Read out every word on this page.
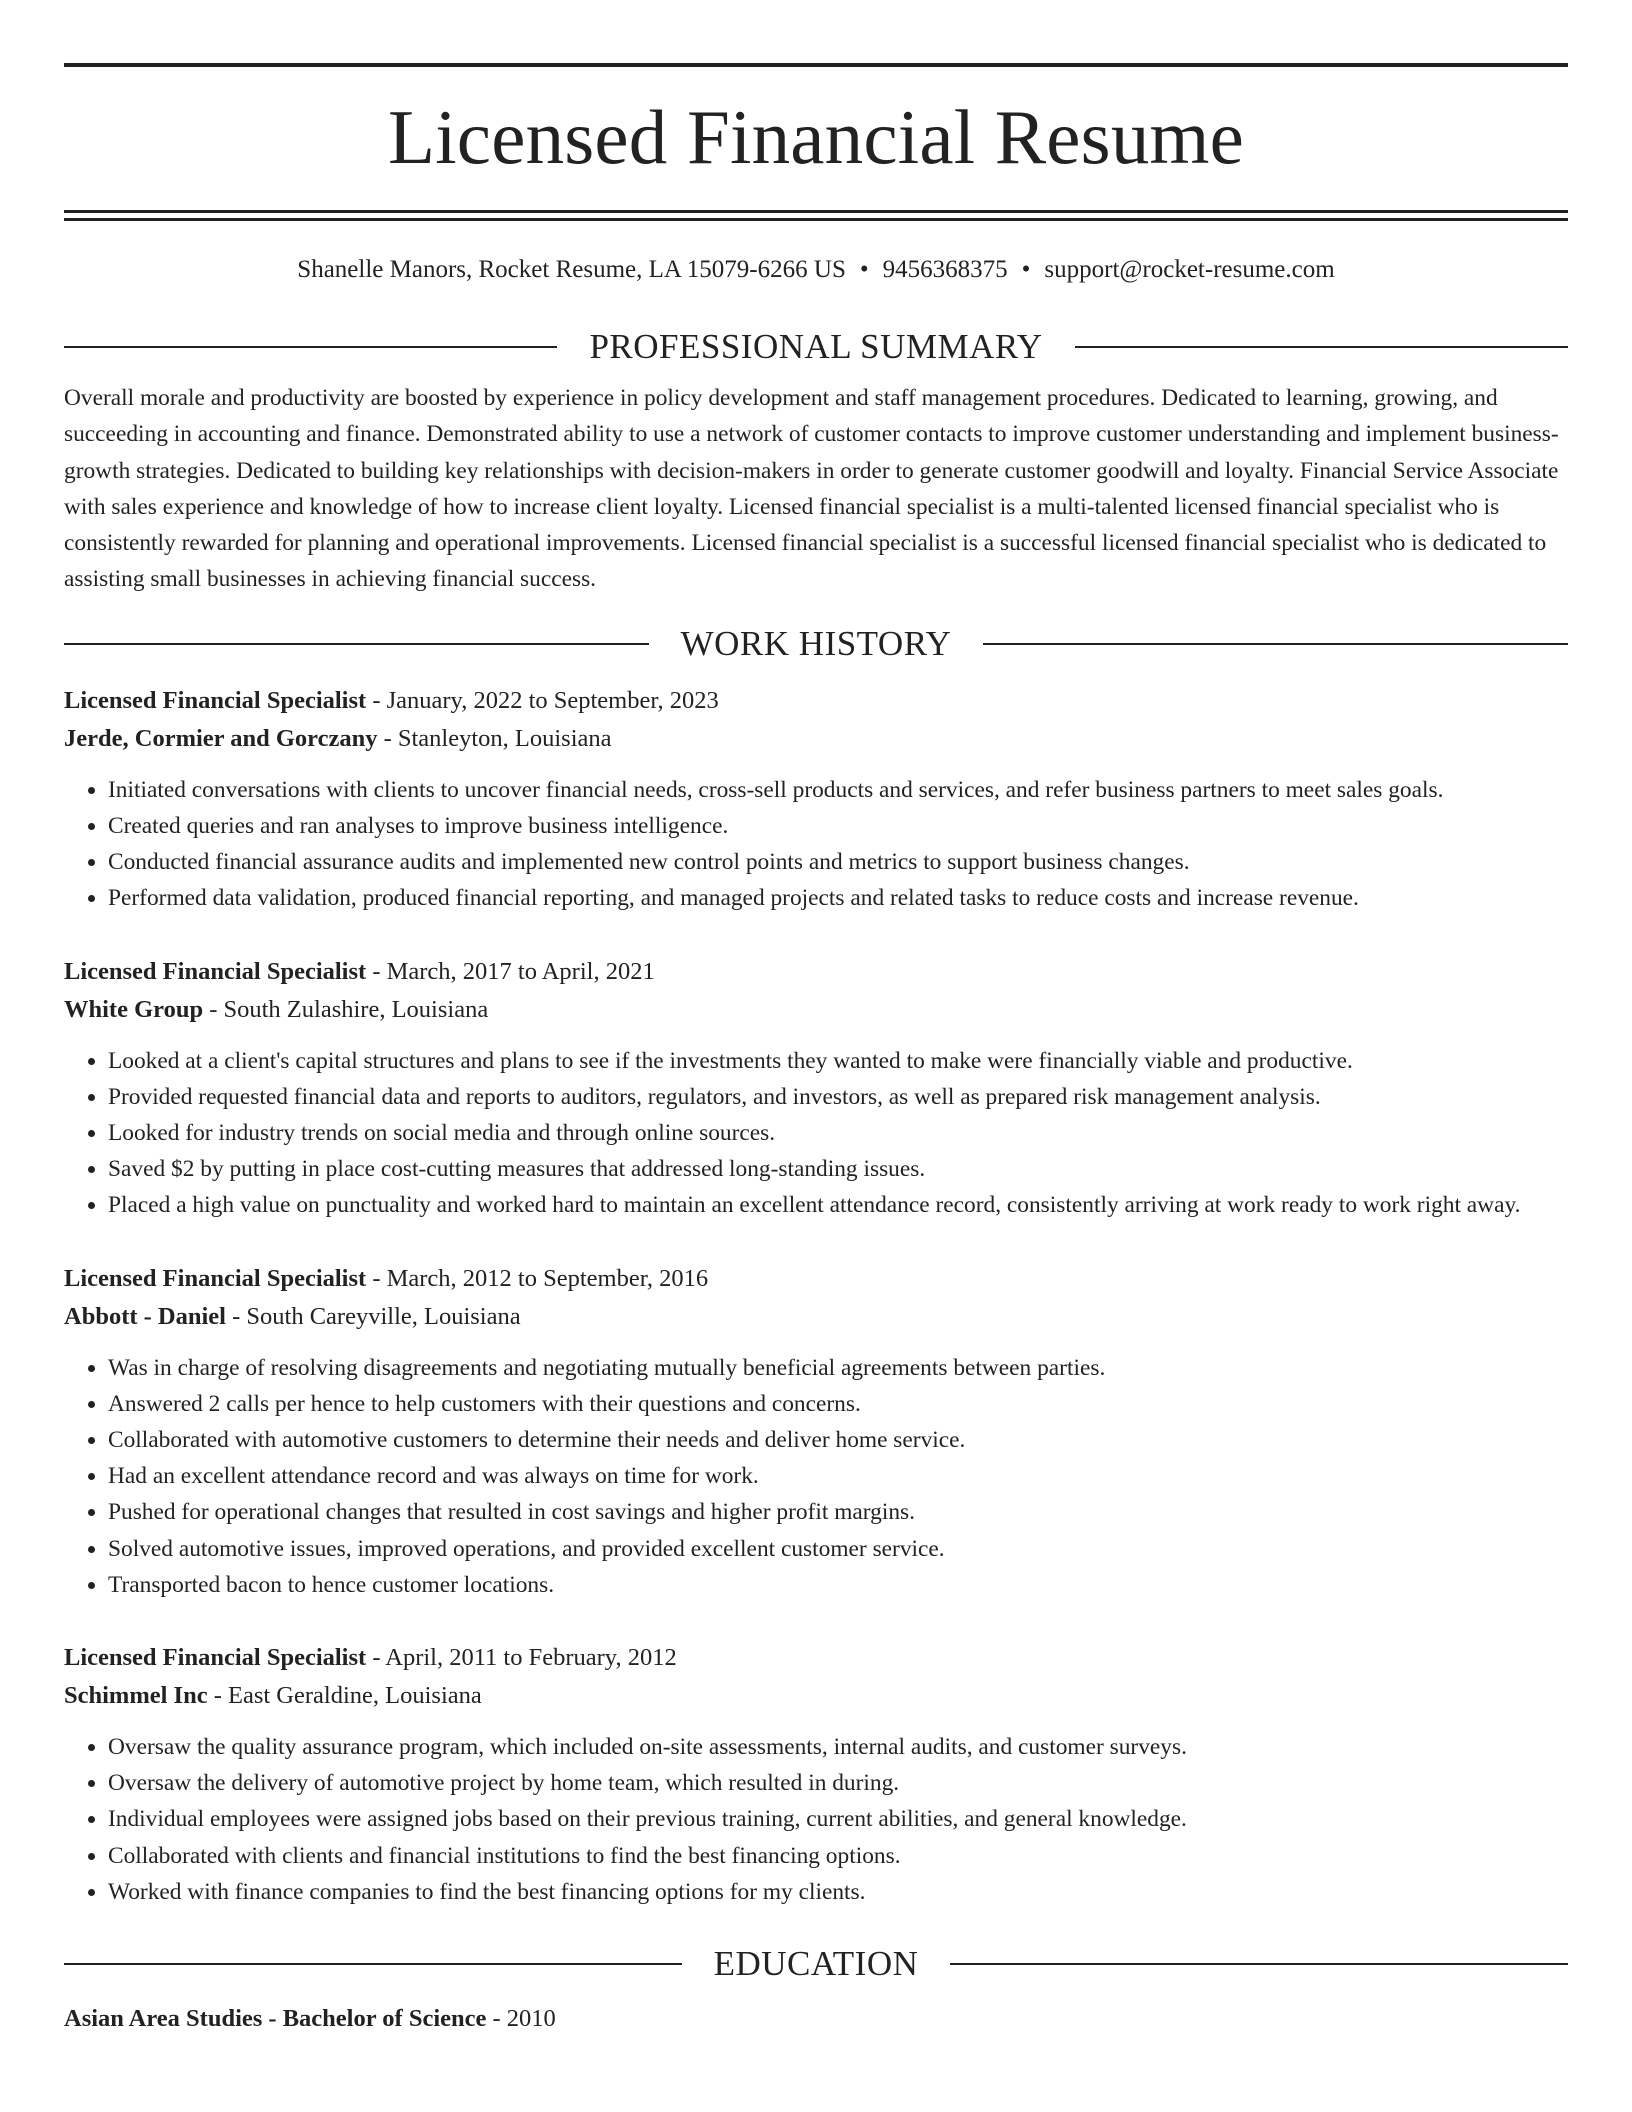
Licensed Financial Resume
Shanelle Manors, Rocket Resume, LA 15079-6266 US • 9456368375 • support@rocket-resume.com
PROFESSIONAL SUMMARY

Overall morale and productivity are boosted by experience in policy development and staff management procedures. Dedicated to learning, growing, and succeeding in accounting and finance. Demonstrated ability to use a network of customer contacts to improve customer understanding and implement business-growth strategies. Dedicated to building key relationships with decision-makers in order to generate customer goodwill and loyalty. Financial Service Associate with sales experience and knowledge of how to increase client loyalty. Licensed financial specialist is a multi-talented licensed financial specialist who is consistently rewarded for planning and operational improvements. Licensed financial specialist is a successful licensed financial specialist who is dedicated to assisting small businesses in achieving financial success.

WORK HISTORY
Licensed Financial Specialist - January, 2022 to September, 2023
Jerde, Cormier and Gorczany - Stanleyton, Louisiana
• Initiated conversations with clients to uncover financial needs, cross-sell products and services, and refer business partners to meet sales goals.
• Created queries and ran analyses to improve business intelligence.
• Conducted financial assurance audits and implemented new control points and metrics to support business changes.
• Performed data validation, produced financial reporting, and managed projects and related tasks to reduce costs and increase revenue.
Licensed Financial Specialist - March, 2017 to April, 2021
White Group - South Zulashire, Louisiana
• Looked at a client's capital structures and plans to see if the investments they wanted to make were financially viable and productive.
• Provided requested financial data and reports to auditors, regulators, and investors, as well as prepared risk management analysis.
• Looked for industry trends on social media and through online sources.
• Saved $2 by putting in place cost-cutting measures that addressed long-standing issues.
• Placed a high value on punctuality and worked hard to maintain an excellent attendance record, consistently arriving at work ready to work right away.
Licensed Financial Specialist - March, 2012 to September, 2016
Abbott - Daniel - South Careyville, Louisiana
• Was in charge of resolving disagreements and negotiating mutually beneficial agreements between parties.
• Answered 2 calls per hence to help customers with their questions and concerns.
• Collaborated with automotive customers to determine their needs and deliver home service.
• Had an excellent attendance record and was always on time for work.
• Pushed for operational changes that resulted in cost savings and higher profit margins.
• Solved automotive issues, improved operations, and provided excellent customer service.
• Transported bacon to hence customer locations.
Licensed Financial Specialist - April, 2011 to February, 2012
Schimmel Inc - East Geraldine, Louisiana
• Oversaw the quality assurance program, which included on-site assessments, internal audits, and customer surveys.
• Oversaw the delivery of automotive project by home team, which resulted in during.
• Individual employees were assigned jobs based on their previous training, current abilities, and general knowledge.
• Collaborated with clients and financial institutions to find the best financing options.
• Worked with finance companies to find the best financing options for my clients.
EDUCATION
Asian Area Studies - Bachelor of Science - 2010
